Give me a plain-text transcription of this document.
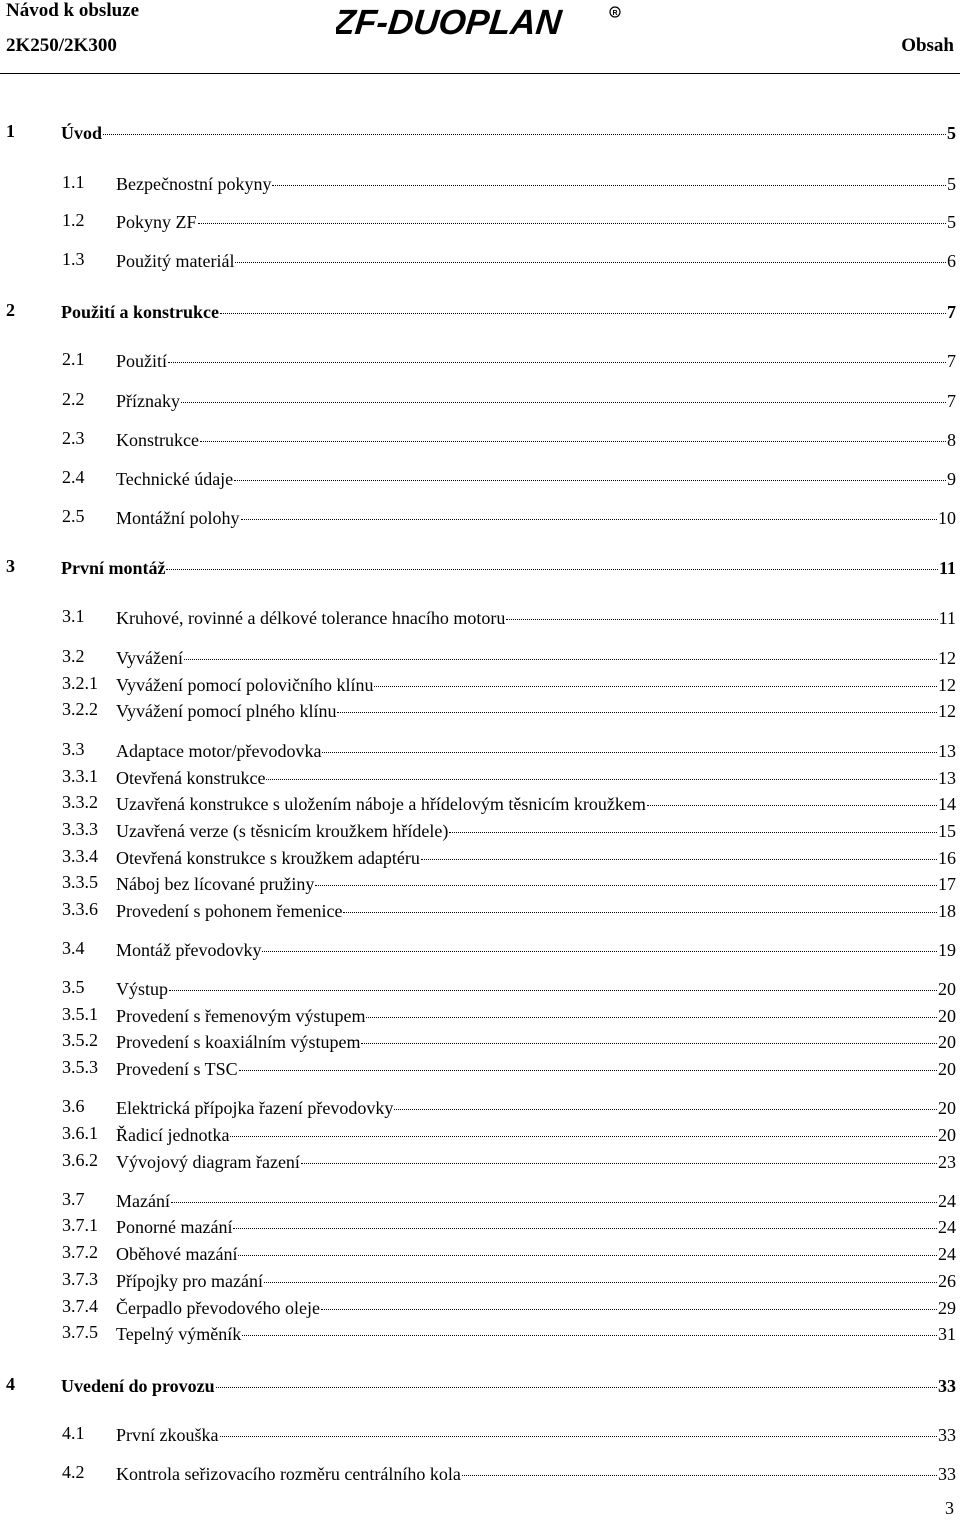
Návod k obsluze
2K250/2K300
ZF-DUOPLAN	R
Obsah
1	Úvod	5
1.1 Bezpečnostní pokyny	5
1.2 Pokyny ZF	5
1.3 Použitý materiál	6
2	Použití a konstrukce	7
2.1 Použití	7
2.2 Příznaky	7
2.3 Konstrukce	8
2.4 Technické údaje	9
2.5 Montážní polohy	10
3	První montáž	11
3.1 Kruhové, rovinné a délkové tolerance hnacího motoru	11
3.2 Vyvážení	12
3.2.1 Vyvážení pomocí polovičního klínu	12
3.2.2 Vyvážení pomocí plného klínu	12
3.3 Adaptace motor/převodovka	13
3.3.1 Otevřená konstrukce	13
3.3.2 Uzavřená konstrukce s uložením náboje a hřídelovým těsnicím kroužkem	14
3.3.3 Uzavřená verze (s těsnicím kroužkem hřídele)	15
3.3.4 Otevřená konstrukce s kroužkem adaptéru	16
3.3.5 Náboj bez lícované pružiny	17
3.3.6 Provedení s pohonem řemenice	18
3.4 Montáž převodovky	19
3.5 Výstup	20
3.5.1 Provedení s řemenovým výstupem	20
3.5.2 Provedení s koaxiálním výstupem	20
3.5.3 Provedení s TSC	20
3.6 Elektrická přípojka řazení převodovky	20
3.6.1 Řadicí jednotka	20
3.6.2 Vývojový diagram řazení	23
3.7 Mazání	24
3.7.1 Ponorné mazání	24
3.7.2 Oběhové mazání	24
3.7.3 Přípojky pro mazání	26
3.7.4 Čerpadlo převodového oleje	29
3.7.5 Tepelný výměník	31
4	Uvedení do provozu	33
4.1 První zkouška	33
4.2 Kontrola seřizovacího rozměru centrálního kola	33
3
